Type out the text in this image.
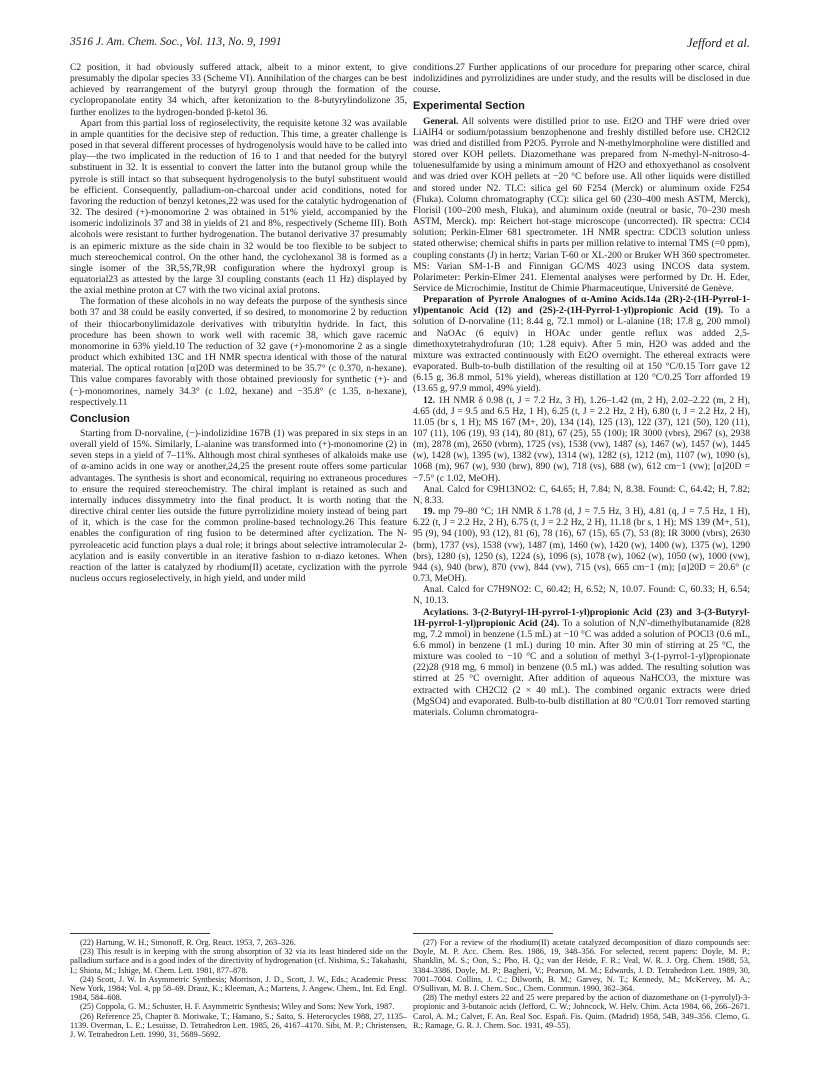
3516 J. Am. Chem. Soc., Vol. 113, No. 9, 1991	Jefford et al.

C2 position, it had obviously suffered attack, albeit to a minor extent, to give presumably the dipolar species 33 (Scheme VI). Annihilation of the charges can be best achieved by rearrangement of the butyryl group through the formation of the cyclopropanolate entity 34 which, after ketonization to the 8-butyrylindolizone 35, further enolizes to the hydrogen-bonded β-ketol 36.

Apart from this partial loss of regioselectivity, the requisite ketone 32 was available in ample quantities for the decisive step of reduction. This time, a greater challenge is posed in that several different processes of hydrogenolysis would have to be called into play—the two implicated in the reduction of 16 to 1 and that needed for the butyryl substituent in 32. It is essential to convert the latter into the butanol group while the pyrrole is still intact so that subsequent hydrogenolysis to the butyl substituent would be efficient. Consequently, palladium-on-charcoal under acid conditions, noted for favoring the reduction of benzyl ketones,22 was used for the catalytic hydrogenation of 32. The desired (+)-monomorine 2 was obtained in 51% yield, accompanied by the isomeric indolizinols 37 and 38 in yields of 21 and 8%, respectively (Scheme III). Both alcohols were resistant to further hydrogenation. The butanol derivative 37 presumably is an epimeric mixture as the side chain in 32 would be too flexible to be subject to much stereochemical control. On the other hand, the cyclohexanol 38 is formed as a single isomer of the 3R,5S,7R,9R configuration where the hydroxyl group is equatorial23 as attested by the large 3J coupling constants (each 11 Hz) displayed by the axial methine proton at C7 with the two vicinal axial protons.

The formation of these alcohols in no way defeats the purpose of the synthesis since both 37 and 38 could be easily converted, if so desired, to monomorine 2 by reduction of their thiocarbonylimidazole derivatives with tributyltin hydride. In fact, this procedure has been shown to work well with racemic 38, which gave racemic monomorine in 63% yield.10 The reduction of 32 gave (+)-monomorine 2 as a single product which exhibited 13C and 1H NMR spectra identical with those of the natural material. The optical rotation [α]20D was determined to be 35.7° (c 0.370, n-hexane). This value compares favorably with those obtained previously for synthetic (+)- and (−)-monomorines, namely 34.3° (c 1.02, hexane) and −35.8° (c 1.35, n-hexane), respectively.11

Conclusion

Starting from D-norvaline, (−)-indolizidine 167B (1) was prepared in six steps in an overall yield of 15%. Similarly, L-alanine was transformed into (+)-monomorine (2) in seven steps in a yield of 7–11%. Although most chiral syntheses of alkaloids make use of α-amino acids in one way or another,24,25 the present route offers some particular advantages. The synthesis is short and economical, requiring no extraneous procedures to ensure the required stereochemistry. The chiral implant is retained as such and internally induces dissymmetry into the final product. It is worth noting that the directive chiral center lies outside the future pyrrolizidine moiety instead of being part of it, which is the case for the common proline-based technology.26 This feature enables the configuration of ring fusion to be determined after cyclization. The N-pyrroleacetic acid function plays a dual role; it brings about selective intramolecular 2-acylation and is easily convertible in an iterative fashion to α-diazo ketones. When reaction of the latter is catalyzed by rhodium(II) acetate, cyclization with the pyrrole nucleus occurs regioselectively, in high yield, and under mild

(22) Hartung, W. H.; Simonoff, R. Org. React. 1953, 7, 263–326.

(23) This result is in keeping with the strong absorption of 32 via its least hindered side on the palladium surface and is a good index of the directivity of hydrogenation (cf. Nishima, S.; Takahashi, I.; Shiota, M.; Ishige, M. Chem. Lett. 1981, 877–878.

(24) Scott, J. W. In Asymmetric Synthesis; Morrison, J. D., Scott, J. W., Eds.; Academic Press: New York, 1984; Vol. 4, pp 58–69. Drauz, K.; Kleeman, A.; Martens, J. Angew. Chem., Int. Ed. Engl. 1984, 584–608.

(25) Coppola, G. M.; Schuster, H. F. Asymmetric Synthesis; Wiley and Sons: New York, 1987.

(26) Reference 25, Chapter 8. Moriwake, T.; Hamano, S.; Saito, S. Heterocycles 1988, 27, 1135–1139. Overman, L. E.; Lesuisse, D. Tetrahedron Lett. 1985, 26, 4167–4170. Sibi, M. P.; Christensen, J. W. Tetrahedron Lett. 1990, 31, 5689–5692.

conditions.27 Further applications of our procedure for preparing other scarce, chiral indolizidines and pyrrolizidines are under study, and the results will be disclosed in due course.

Experimental Section

General. All solvents were distilled prior to use. Et2O and THF were dried over LiAlH4 or sodium/potassium benzophenone and freshly distilled before use. CH2Cl2 was dried and distilled from P2O5. Pyrrole and N-methylmorpholine were distilled and stored over KOH pellets. Diazomethane was prepared from N-methyl-N-nitroso-4-toluenesulfamide by using a minimum amount of H2O and ethoxyethanol as cosolvent and was dried over KOH pellets at −20 °C before use. All other liquids were distilled and stored under N2. TLC: silica gel 60 F254 (Merck) or aluminum oxide F254 (Fluka). Column chromatography (CC): silica gel 60 (230–400 mesh ASTM, Merck), Florisil (100–200 mesh, Fluka), and aluminum oxide (neutral or basic, 70–230 mesh ASTM, Merck). mp: Reichert hot-stage microscope (uncorrected). IR spectra: CCl4 solution; Perkin-Elmer 681 spectrometer. 1H NMR spectra: CDCl3 solution unless stated otherwise; chemical shifts in parts per million relative to internal TMS (=0 ppm), coupling constants (J) in hertz; Varian T-60 or XL-200 or Bruker WH 360 spectrometer. MS: Varian SM-1-B and Finnigan GC/MS 4023 using INCOS data system. Polarimeter: Perkin-Elmer 241. Elemental analyses were performed by Dr. H. Eder, Service de Microchimie, Institut de Chimie Pharmaceutique, Université de Genève.

Preparation of Pyrrole Analogues of α-Amino Acids.14a (2R)-2-(1H-Pyrrol-1-yl)pentanoic Acid (12) and (2S)-2-(1H-Pyrrol-1-yl)propionic Acid (19). To a solution of D-norvaline (11; 8.44 g, 72.1 mmol) or L-alanine (18; 17.8 g, 200 mmol) and NaOAc (6 equiv) in HOAc under gentle reflux was added 2,5-dimethoxytetrahydrofuran (10; 1.28 equiv). After 5 min, H2O was added and the mixture was extracted continuously with Et2O overnight. The ethereal extracts were evaporated. Bulb-to-bulb distillation of the resulting oil at 150 °C/0.15 Torr gave 12 (6.15 g, 36.8 mmol, 51% yield), whereas distillation at 120 °C/0.25 Torr afforded 19 (13.65 g, 97.9 mmol, 49% yield).

12. 1H NMR δ 0.98 (t, J = 7.2 Hz, 3 H), 1.26–1.42 (m, 2 H), 2.02–2.22 (m, 2 H), 4.65 (dd, J = 9.5 and 6.5 Hz, 1 H), 6.25 (t, J = 2.2 Hz, 2 H), 6.80 (t, J = 2.2 Hz, 2 H), 11.05 (br s, 1 H); MS 167 (M+, 20), 134 (14), 125 (13), 122 (37), 121 (50), 120 (11), 107 (11), 106 (19), 93 (14), 80 (81), 67 (25), 55 (100); IR 3000 (vbrs), 2967 (s), 2938 (m), 2878 (m), 2650 (vbrm), 1725 (vs), 1538 (vw), 1487 (s), 1467 (w), 1457 (w), 1445 (w), 1428 (w), 1395 (w), 1382 (vw), 1314 (w), 1282 (s), 1212 (m), 1107 (w), 1090 (s), 1068 (m), 967 (w), 930 (brw), 890 (w), 718 (vs), 688 (w), 612 cm−1 (vw); [α]20D = −7.5° (c 1.02, MeOH).

Anal. Calcd for C9H13NO2: C, 64.65; H, 7.84; N, 8.38. Found: C, 64.42; H, 7.82; N, 8.33.

19. mp 79–80 °C; 1H NMR δ 1.78 (d, J = 7.5 Hz, 3 H), 4.81 (q, J = 7.5 Hz, 1 H), 6.22 (t, J = 2.2 Hz, 2 H), 6.75 (t, J = 2.2 Hz, 2 H), 11.18 (br s, 1 H); MS 139 (M+, 51), 95 (9), 94 (100), 93 (12), 81 (6), 78 (16), 67 (15), 65 (7), 53 (8); IR 3000 (vbrs), 2630 (brm), 1737 (vs), 1538 (vw), 1487 (m), 1460 (w), 1420 (w), 1400 (w), 1375 (w), 1290 (brs), 1280 (s), 1250 (s), 1224 (s), 1096 (s), 1078 (w), 1062 (w), 1050 (w), 1000 (vw), 944 (s), 940 (brw), 870 (vw), 844 (vw), 715 (vs), 665 cm−1 (m); [α]20D = 20.6° (c 0.73, MeOH).

Anal. Calcd for C7H9NO2: C, 60.42; H, 6.52; N, 10.07. Found: C, 60.33; H, 6.54; N, 10.13.

Acylations. 3-(2-Butyryl-1H-pyrrol-1-yl)propionic Acid (23) and 3-(3-Butyryl-1H-pyrrol-1-yl)propionic Acid (24). To a solution of N,N'-dimethylbutanamide (828 mg, 7.2 mmol) in benzene (1.5 mL) at −10 °C was added a solution of POCl3 (0.6 mL, 6.6 mmol) in benzene (1 mL) during 10 min. After 30 min of stirring at 25 °C, the mixture was cooled to −10 °C and a solution of methyl 3-(1-pyrrol-1-yl)propionate (22)28 (918 mg, 6 mmol) in benzene (0.5 mL) was added. The resulting solution was stirred at 25 °C overnight. After addition of aqueous NaHCO3, the mixture was extracted with CH2Cl2 (2 × 40 mL). The combined organic extracts were dried (MgSO4) and evaporated. Bulb-to-bulb distillation at 80 °C/0.01 Torr removed starting materials. Column chromatogra-

(27) For a review of the rhodium(II) acetate catalyzed decomposition of diazo compounds see: Doyle, M. P. Acc. Chem. Res. 1986, 19, 348–356. For selected, recent papers: Doyle, M. P.; Shanklin, M. S.; Oon, S.; Pho, H. Q.; van der Heide, F. R.; Veal, W. R. J. Org. Chem. 1988, 53, 3384–3386. Doyle, M. P.; Bagheri, V.; Pearson, M. M.; Edwards, J. D. Tetrahedron Lett. 1989, 30, 7001–7004. Collins, J. C.; Dilworth, B. M.; Garvey, N. T.; Kennedy, M.; McKervey, M. A.; O'Sullivan, M. B. J. Chem. Soc., Chem. Commun. 1990, 362–364.

(28) The methyl esters 22 and 25 were prepared by the action of diazomethane on (1-pyrrolyl)-3-propionic and 3-butanoic acids (Jefford, C. W.; Johncock, W. Helv. Chim. Acta 1984, 66, 266–2671. Carol, A. M.; Calvet, F. An. Real Soc. Españ. Fis. Quim. (Madrid) 1958, 54B, 349–356. Clemo, G. R.; Ramage, G. R. J. Chem. Soc. 1931, 49–55).
